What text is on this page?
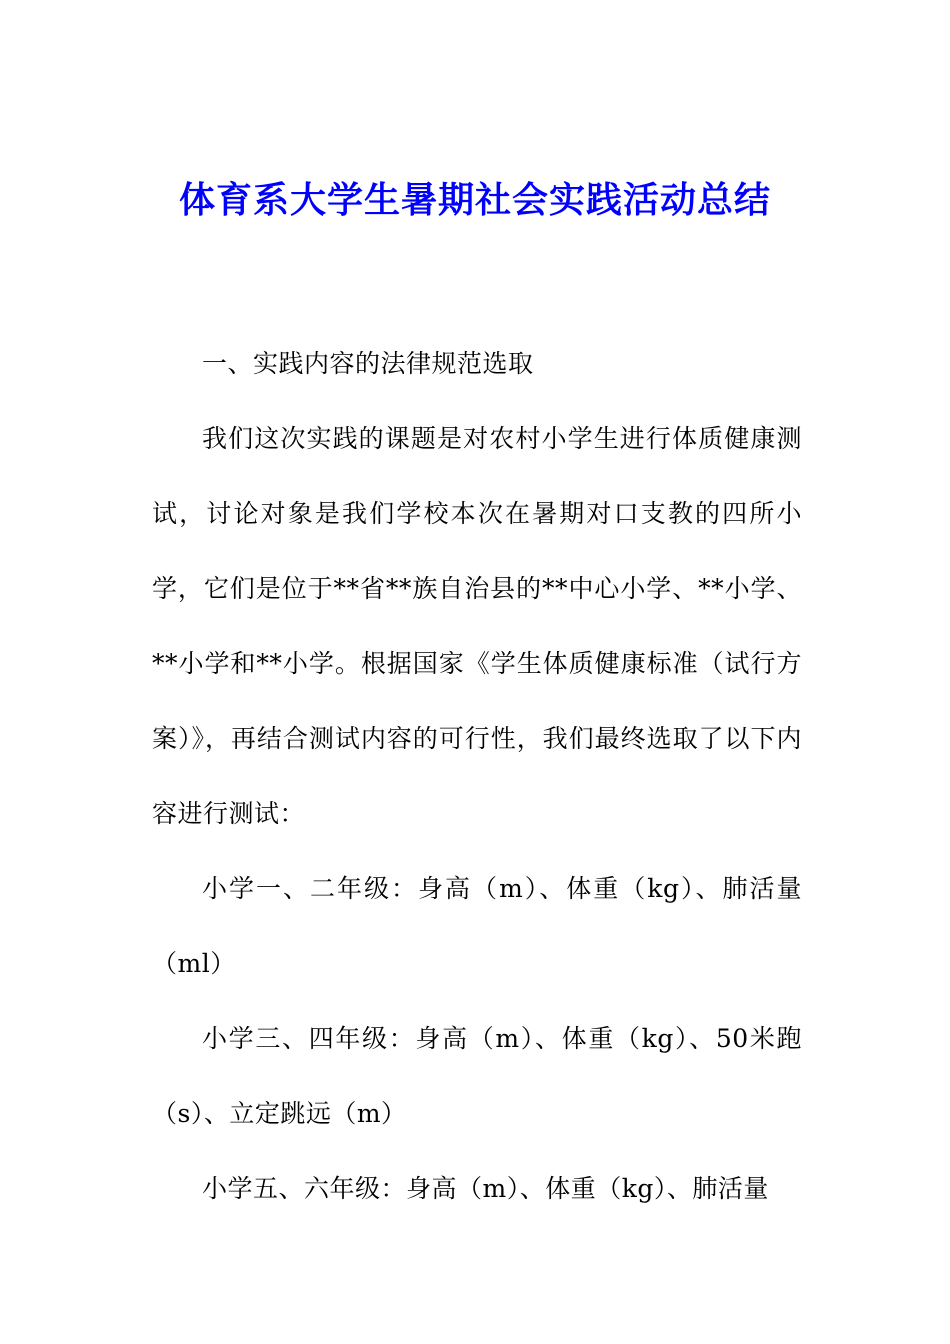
体育系大学生暑期社会实践活动总结

一、实践内容的法律规范选取

我们这次实践的课题是对农村小学生进行体质健康测试，讨论对象是我们学校本次在暑期对口支教的四所小学，它们是位于**省**族自治县的**中心小学、**小学、**小学和**小学。根据国家《学生体质健康标准（试行方案）》，再结合测试内容的可行性，我们最终选取了以下内容进行测试：

小学一、二年级：身高（m）、体重（kg）、肺活量（ml）

小学三、四年级：身高（m）、体重（kg）、50米跑（s）、立定跳远（m）

小学五、六年级：身高（m）、体重（kg）、肺活量
